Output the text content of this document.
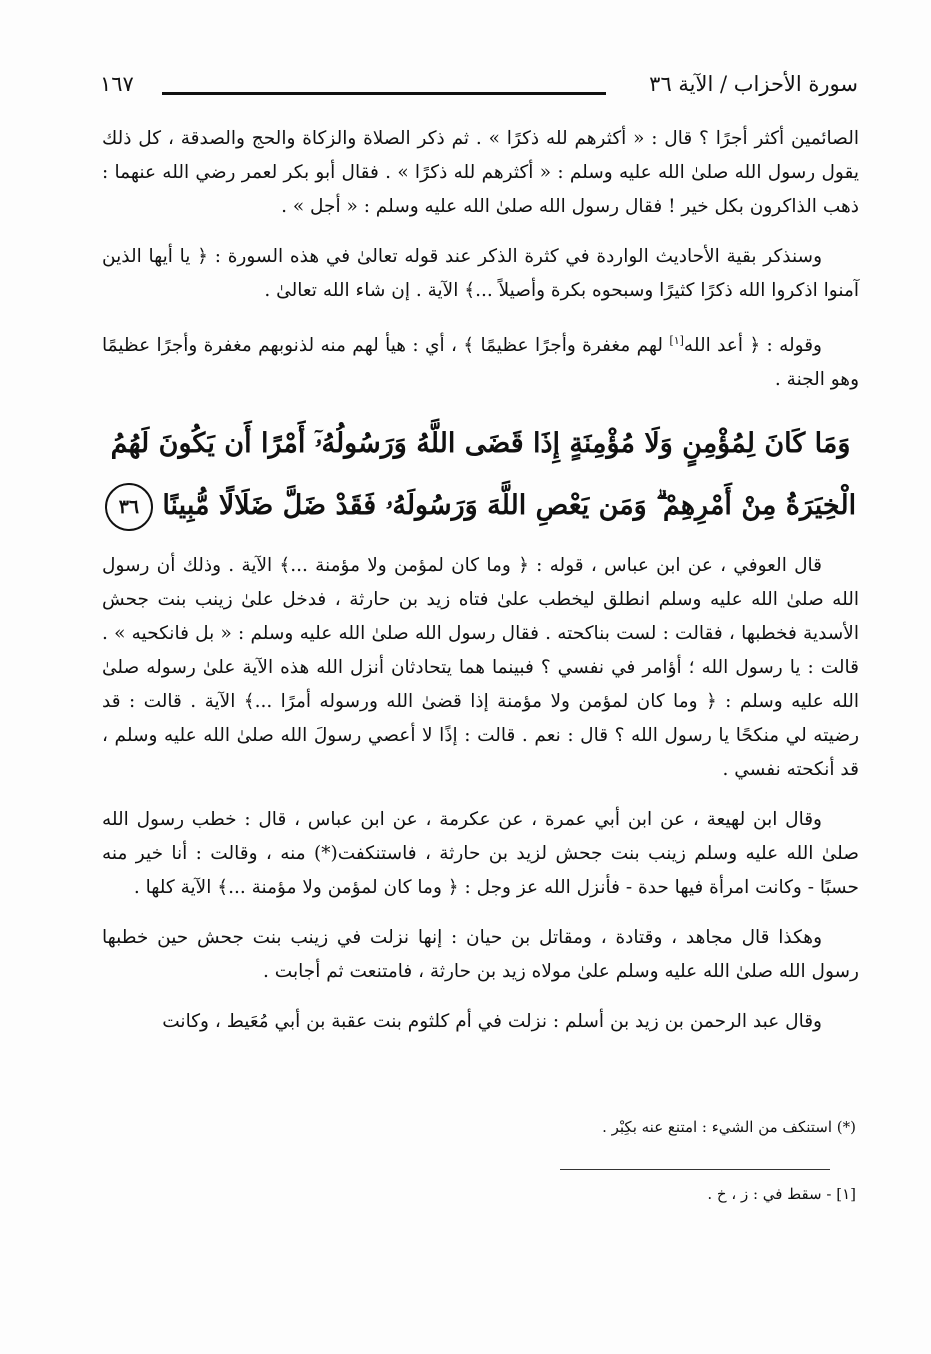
سورة الأحزاب / الآية ٣٦
١٦٧

الصائمين أكثر أجرًا ؟ قال : « أكثرهم لله ذكرًا » . ثم ذكر الصلاة والزكاة والحج والصدقة ، كل ذلك يقول رسول الله صلىٰ الله عليه وسلم : « أكثرهم لله ذكرًا » . فقال أبو بكر لعمر رضي الله عنهما : ذهب الذاكرون بكل خير ! فقال رسول الله صلىٰ الله عليه وسلم : « أجل » .

وسنذكر بقية الأحاديث الواردة في كثرة الذكر عند قوله تعالىٰ في هذه السورة : ﴿ يا أيها الذين آمنوا اذكروا الله ذكرًا كثيرًا وسبحوه بكرة وأصيلاً ...﴾ الآية . إن شاء الله تعالىٰ .

وقوله : ﴿ أعد الله[١] لهم مغفرة وأجرًا عظيمًا ﴾ ، أي : هيأ لهم منه لذنوبهم مغفرة وأجرًا عظيمًا وهو الجنة .

وَمَا كَانَ لِمُؤْمِنٍ وَلَا مُؤْمِنَةٍ إِذَا قَضَى اللَّهُ وَرَسُولُهُۥٓ أَمْرًا أَن يَكُونَ لَهُمُ الْخِيَرَةُ مِنْ أَمْرِهِمْ ۗ وَمَن يَعْصِ اللَّهَ وَرَسُولَهُۥ فَقَدْ ضَلَّ ضَلَالًا مُّبِينًا ٣٦

قال العوفي ، عن ابن عباس ، قوله : ﴿ وما كان لمؤمن ولا مؤمنة ...﴾ الآية . وذلك أن رسول الله صلىٰ الله عليه وسلم انطلق ليخطب علىٰ فتاه زيد بن حارثة ، فدخل علىٰ زينب بنت جحش الأسدية فخطبها ، فقالت : لست بناكحته . فقال رسول الله صلىٰ الله عليه وسلم : « بل فانكحيه » . قالت : يا رسول الله ؛ أؤامر في نفسي ؟ فبينما هما يتحادثان أنزل الله هذه الآية علىٰ رسوله صلىٰ الله عليه وسلم : ﴿ وما كان لمؤمن ولا مؤمنة إذا قضىٰ الله ورسوله أمرًا ...﴾ الآية . قالت : قد رضيته لي منكحًا يا رسول الله ؟ قال : نعم . قالت : إذًا لا أعصي رسولَ الله صلىٰ الله عليه وسلم ، قد أنكحته نفسي .

وقال ابن لهيعة ، عن ابن أبي عمرة ، عن عكرمة ، عن ابن عباس ، قال : خطب رسول الله صلىٰ الله عليه وسلم زينب بنت جحش لزيد بن حارثة ، فاستنكفت(*) منه ، وقالت : أنا خير منه حسبًا - وكانت امرأة فيها حدة - فأنزل الله عز وجل : ﴿ وما كان لمؤمن ولا مؤمنة ...﴾ الآية كلها .

وهكذا قال مجاهد ، وقتادة ، ومقاتل بن حيان : إنها نزلت في زينب بنت جحش حين خطبها رسول الله صلىٰ الله عليه وسلم علىٰ مولاه زيد بن حارثة ، فامتنعت ثم أجابت .

وقال عبد الرحمن بن زيد بن أسلم : نزلت في أم كلثوم بنت عقبة بن أبي مُعَيط ، وكانت

(*) استنكف من الشيء : امتنع عنه بكِبْر .
[١] - سقط في : ز ، خ .
